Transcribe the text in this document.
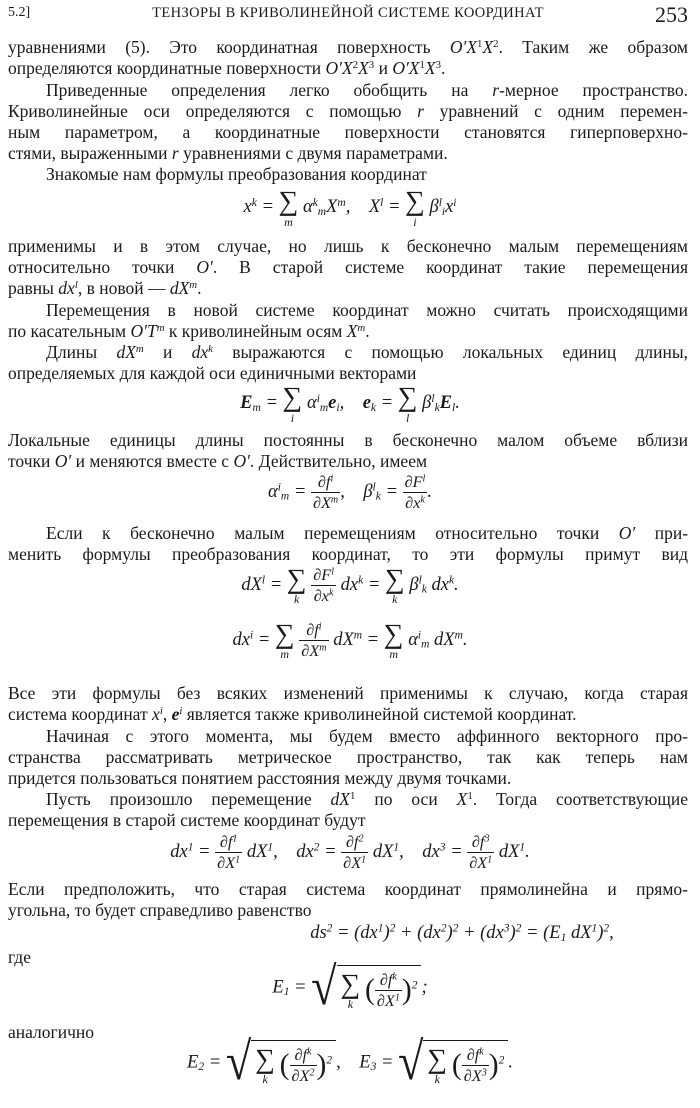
5.2]	ТЕНЗОРЫ В КРИВОЛИНЕЙНОЙ СИСТЕМЕ КООРДИНАТ	253
уравнениями (5). Это координатная поверхность $O'X^1X^2$. Таким же образом
определяются координатные поверхности $O'X^2X^3$ и $O'X^1X^3$.
Приведенные определения легко обобщить на r-мерное пространство.
Криволинейные оси определяются с помощью r уравнений с одним перемен-
ным параметром, а координатные поверхности становятся гиперповерхно-
стями, выраженными r уравнениями с двумя параметрами.
Знакомые нам формулы преобразования координат
$x^k$ = ∑
m
$\alpha^k_mX^m$,    $X^l$ = ∑
i
$\beta^l_ix^i$
применимы и в этом случае, но лишь к бесконечно малым перемещениям
относительно точки O′. В старой системе координат такие перемещения
равны $dx^l$, в новой — $dX^m$.
Перемещения в новой системе координат можно считать происходящими
по касательным $O'T^m$ к криволинейным осям $X^m$.
Длины $dX^m$ и $dx^k$ выражаются с помощью локальных единиц длины,
определяемых для каждой оси единичными векторами
$E_m$ = ∑
i
$\alpha^i_me_i$,    $e_k$ = ∑
l
$\beta^l_kE_l$.
Локальные единицы длины постоянны в бесконечно малом объеме вблизи
точки O′ и меняются вместе с O′. Действительно, имеем
$\alpha^i_m = \frac{\partial f^i}{\partial X^m}$ ,    $\beta^l_k = \frac{\partial F^l}{\partial x^k}$ .
Если к бесконечно малым перемещениям относительно точки O′ при-
менить формулы преобразования координат, то эти формулы примут вид
$dX^l$ = ∑
k
$\frac{\partial F^l}{\partial x^k} dx^k$ = ∑
k
$\beta^l_k$ $dx^k$.
$dx^i$ = ∑
m
$\frac{\partial f^i}{\partial X^m} dX^m$ = ∑
m
$\alpha^i_m$ $dX^m$.
Все эти формулы без всяких изменений применимы к случаю, когда старая
система координат $x^i$, $e^i$ является также криволинейной системой координат.
Начиная с этого момента, мы будем вместо аффинного векторного про-
странства рассматривать метрическое пространство, так как теперь нам
придется пользоваться понятием расстояния между двумя точками.
Пусть произошло перемещение $dX^1$ по оси $X^1$. Тогда соответствующие
перемещения в старой системе координат будут
$dx^1 = \frac{\partial f^1}{\partial X^1} dX^1$,    $dx^2 = \frac{\partial f^2}{\partial X^1} dX^1$,    $dx^3 = \frac{\partial f^3}{\partial X^1} dX^1$.
Если предположить, что старая система координат прямолинейна и прямо-
угольна, то будет справедливо равенство
$ds^2 = (dx^1)^2 + (dx^2)^2 + (dx^3)^2 = (E_1$ $dX^1)^2$,
где
$E_1$ = √ ∑
k ( $\frac{\partial f^k}{\partial X^1} )^2$ ;
аналогично
$E_2$ = √ ∑
k ( $\frac{\partial f^k}{\partial X^2} )^2$ ,    $E_3$ = √ ∑
k ( $\frac{\partial f^k}{\partial X^3} )^2$ .
